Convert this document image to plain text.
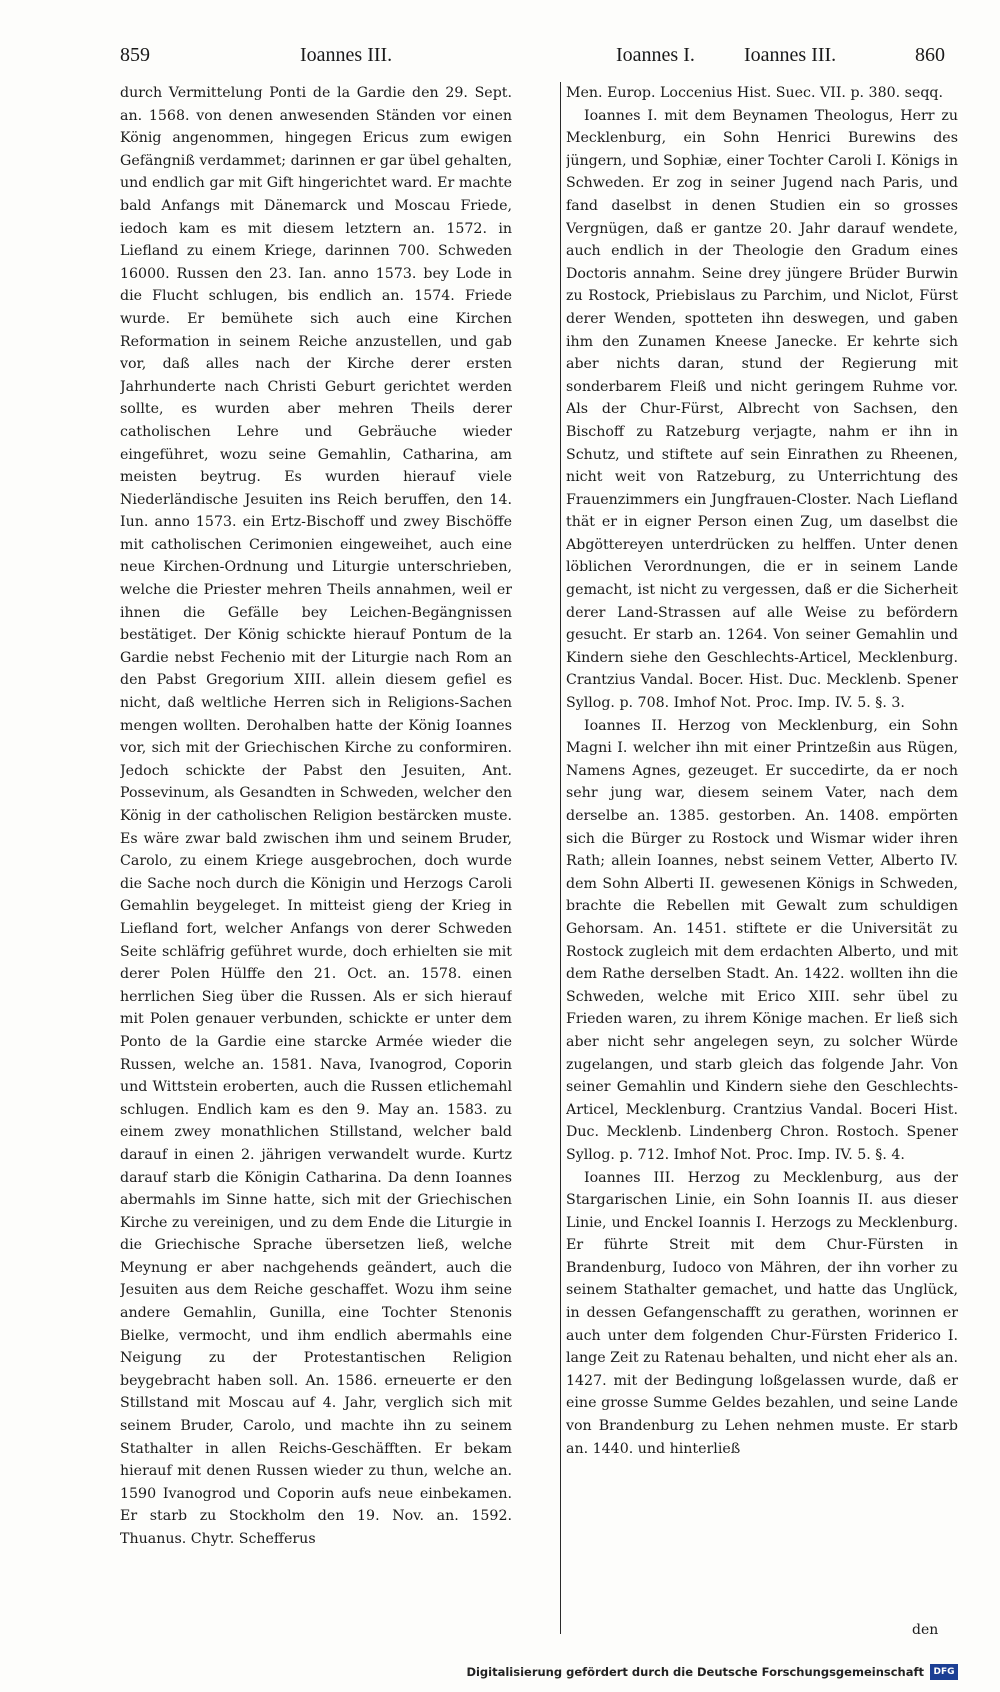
859	Ioannes III.	Ioannes I. Ioannes III.	860

durch Vermittelung Ponti de la Gardie den 29. Sept. an. 1568. von denen anwesenden Ständen vor einen König angenommen, hingegen Ericus zum ewigen Gefängniß verdammet; darinnen er gar übel gehalten, und endlich gar mit Gift hingerichtet ward. Er machte bald Anfangs mit Dänemarck und Moscau Friede, iedoch kam es mit diesem letztern an. 1572. in Liefland zu einem Kriege, darinnen 700. Schweden 16000. Russen den 23. Ian. anno 1573. bey Lode in die Flucht schlugen, bis endlich an. 1574. Friede wurde. Er bemühete sich auch eine Kirchen Reformation in seinem Reiche anzustellen, und gab vor, daß alles nach der Kirche derer ersten Jahrhunderte nach Christi Geburt gerichtet werden sollte, es wurden aber mehren Theils derer catholischen Lehre und Gebräuche wieder eingeführet, wozu seine Gemahlin, Catharina, am meisten beytrug. Es wurden hierauf viele Niederländische Jesuiten ins Reich beruffen, den 14. Iun. anno 1573. ein Ertz-Bischoff und zwey Bischöffe mit catholischen Cerimonien eingeweihet, auch eine neue Kirchen-Ordnung und Liturgie unterschrieben, welche die Priester mehren Theils annahmen, weil er ihnen die Gefälle bey Leichen-Begängnissen bestätiget. Der König schickte hierauf Pontum de la Gardie nebst Fechenio mit der Liturgie nach Rom an den Pabst Gregorium XIII. allein diesem gefiel es nicht, daß weltliche Herren sich in Religions-Sachen mengen wollten. Derohalben hatte der König Ioannes vor, sich mit der Griechischen Kirche zu conformiren. Jedoch schickte der Pabst den Jesuiten, Ant. Possevinum, als Gesandten in Schweden, welcher den König in der catholischen Religion bestärcken muste. Es wäre zwar bald zwischen ihm und seinem Bruder, Carolo, zu einem Kriege ausgebrochen, doch wurde die Sache noch durch die Königin und Herzogs Caroli Gemahlin beygeleget. In mitteist gieng der Krieg in Liefland fort, welcher Anfangs von derer Schweden Seite schläfrig geführet wurde, doch erhielten sie mit derer Polen Hülffe den 21. Oct. an. 1578. einen herrlichen Sieg über die Russen. Als er sich hierauf mit Polen genauer verbunden, schickte er unter dem Ponto de la Gardie eine starcke Armée wieder die Russen, welche an. 1581. Nava, Ivanogrod, Coporin und Wittstein eroberten, auch die Russen etlichemahl schlugen. Endlich kam es den 9. May an. 1583. zu einem zwey monathlichen Stillstand, welcher bald darauf in einen 2. jährigen verwandelt wurde. Kurtz darauf starb die Königin Catharina. Da denn Ioannes abermahls im Sinne hatte, sich mit der Griechischen Kirche zu vereinigen, und zu dem Ende die Liturgie in die Griechische Sprache übersetzen ließ, welche Meynung er aber nachgehends geändert, auch die Jesuiten aus dem Reiche geschaffet. Wozu ihm seine andere Gemahlin, Gunilla, eine Tochter Stenonis Bielke, vermocht, und ihm endlich abermahls eine Neigung zu der Protestantischen Religion beygebracht haben soll. An. 1586. erneuerte er den Stillstand mit Moscau auf 4. Jahr, verglich sich mit seinem Bruder, Carolo, und machte ihn zu seinem Stathalter in allen Reichs-Geschäfften. Er bekam hierauf mit denen Russen wieder zu thun, welche an. 1590 Ivanogrod und Coporin aufs neue einbekamen. Er starb zu Stockholm den 19. Nov. an. 1592. Thuanus. Chytr. Schefferus

Men. Europ. Loccenius Hist. Suec. VII. p. 380. seqq.

Ioannes I. mit dem Beynamen Theologus, Herr zu Mecklenburg, ein Sohn Henrici Burewins des jüngern, und Sophiæ, einer Tochter Caroli I. Königs in Schweden. Er zog in seiner Jugend nach Paris, und fand daselbst in denen Studien ein so grosses Vergnügen, daß er gantze 20. Jahr darauf wendete, auch endlich in der Theologie den Gradum eines Doctoris annahm. Seine drey jüngere Brüder Burwin zu Rostock, Priebislaus zu Parchim, und Niclot, Fürst derer Wenden, spotteten ihn deswegen, und gaben ihm den Zunamen Kneese Janecke. Er kehrte sich aber nichts daran, stund der Regierung mit sonderbarem Fleiß und nicht geringem Ruhme vor. Als der Chur-Fürst, Albrecht von Sachsen, den Bischoff zu Ratzeburg verjagte, nahm er ihn in Schutz, und stiftete auf sein Einrathen zu Rheenen, nicht weit von Ratzeburg, zu Unterrichtung des Frauenzimmers ein Jungfrauen-Closter. Nach Liefland thät er in eigner Person einen Zug, um daselbst die Abgöttereyen unterdrücken zu helffen. Unter denen löblichen Verordnungen, die er in seinem Lande gemacht, ist nicht zu vergessen, daß er die Sicherheit derer Land-Strassen auf alle Weise zu befördern gesucht. Er starb an. 1264. Von seiner Gemahlin und Kindern siehe den Geschlechts-Articel, Mecklenburg. Crantzius Vandal. Bocer. Hist. Duc. Mecklenb. Spener Syllog. p. 708. Imhof Not. Proc. Imp. IV. 5. §. 3.

Ioannes II. Herzog von Mecklenburg, ein Sohn Magni I. welcher ihn mit einer Printzeßin aus Rügen, Namens Agnes, gezeuget. Er succedirte, da er noch sehr jung war, diesem seinem Vater, nach dem derselbe an. 1385. gestorben. An. 1408. empörten sich die Bürger zu Rostock und Wismar wider ihren Rath; allein Ioannes, nebst seinem Vetter, Alberto IV. dem Sohn Alberti II. gewesenen Königs in Schweden, brachte die Rebellen mit Gewalt zum schuldigen Gehorsam. An. 1451. stiftete er die Universität zu Rostock zugleich mit dem erdachten Alberto, und mit dem Rathe derselben Stadt. An. 1422. wollten ihn die Schweden, welche mit Erico XIII. sehr übel zu Frieden waren, zu ihrem Könige machen. Er ließ sich aber nicht sehr angelegen seyn, zu solcher Würde zugelangen, und starb gleich das folgende Jahr. Von seiner Gemahlin und Kindern siehe den Geschlechts-Articel, Mecklenburg. Crantzius Vandal. Boceri Hist. Duc. Mecklenb. Lindenberg Chron. Rostoch. Spener Syllog. p. 712. Imhof Not. Proc. Imp. IV. 5. §. 4.

Ioannes III. Herzog zu Mecklenburg, aus der Stargarischen Linie, ein Sohn Ioannis II. aus dieser Linie, und Enckel Ioannis I. Herzogs zu Mecklenburg. Er führte Streit mit dem Chur-Fürsten in Brandenburg, Iudoco von Mähren, der ihn vorher zu seinem Stathalter gemachet, und hatte das Unglück, in dessen Gefangenschafft zu gerathen, worinnen er auch unter dem folgenden Chur-Fürsten Friderico I. lange Zeit zu Ratenau behalten, und nicht eher als an. 1427. mit der Bedingung loßgelassen wurde, daß er eine grosse Summe Geldes bezahlen, und seine Lande von Brandenburg zu Lehen nehmen muste. Er starb an. 1440. und hinterließ

den
Digitalisierung gefördert durch die Deutsche Forschungsgemeinschaft	DFG
